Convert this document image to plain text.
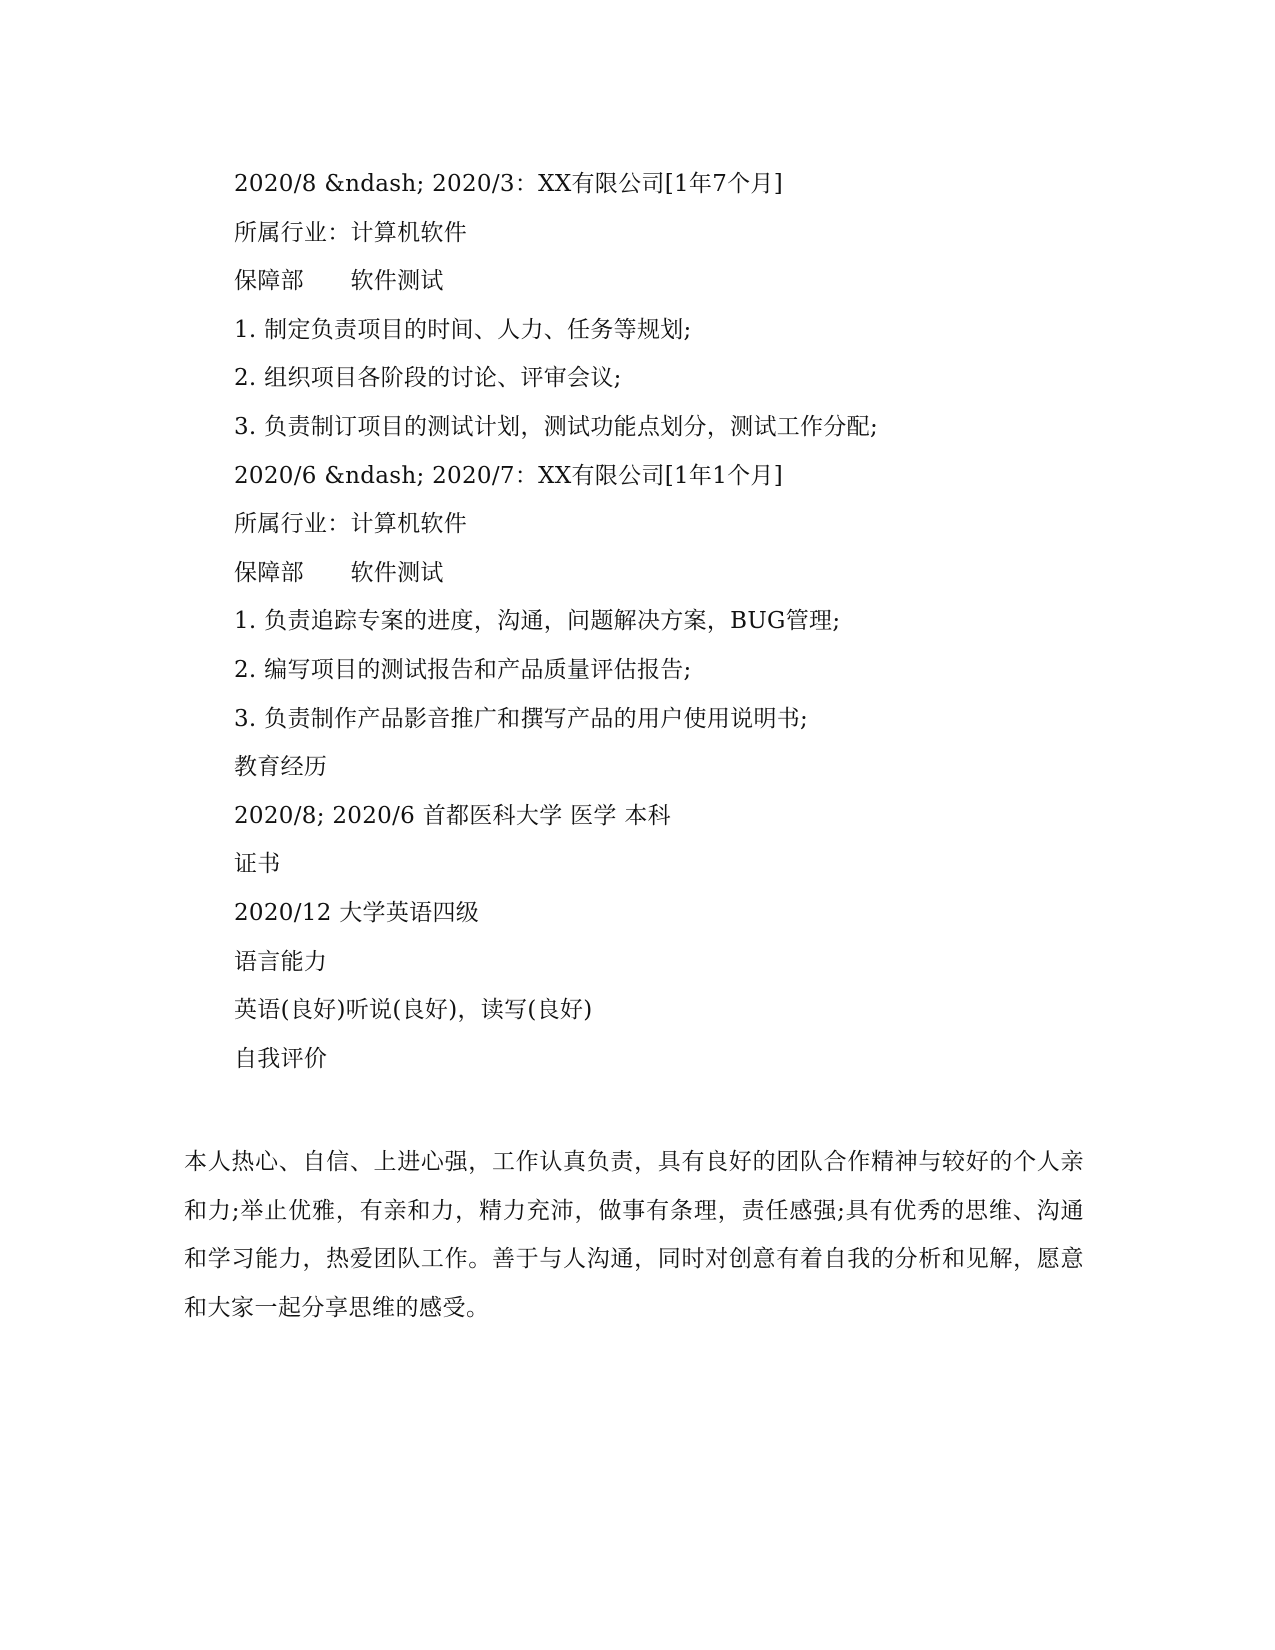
2020/8 &ndash; 2020/3：XX有限公司[1年7个月]
所属行业：计算机软件
保障部　　软件测试
1. 制定负责项目的时间、人力、任务等规划;
2. 组织项目各阶段的讨论、评审会议;
3. 负责制订项目的测试计划，测试功能点划分，测试工作分配;
2020/6 &ndash; 2020/7：XX有限公司[1年1个月]
所属行业：计算机软件
保障部　　软件测试
1. 负责追踪专案的进度，沟通，问题解决方案，BUG管理;
2. 编写项目的测试报告和产品质量评估报告;
3. 负责制作产品影音推广和撰写产品的用户使用说明书;
教育经历
2020/8; 2020/6 首都医科大学 医学 本科
证书
2020/12 大学英语四级
语言能力
英语(良好)听说(良好)，读写(良好)
自我评价
本人热心、自信、上进心强，工作认真负责，具有良好的团队合作精神与较好的个人亲和力;举止优雅，有亲和力，精力充沛，做事有条理，责任感强;具有优秀的思维、沟通和学习能力，热爱团队工作。善于与人沟通，同时对创意有着自我的分析和见解，愿意和大家一起分享思维的感受。
